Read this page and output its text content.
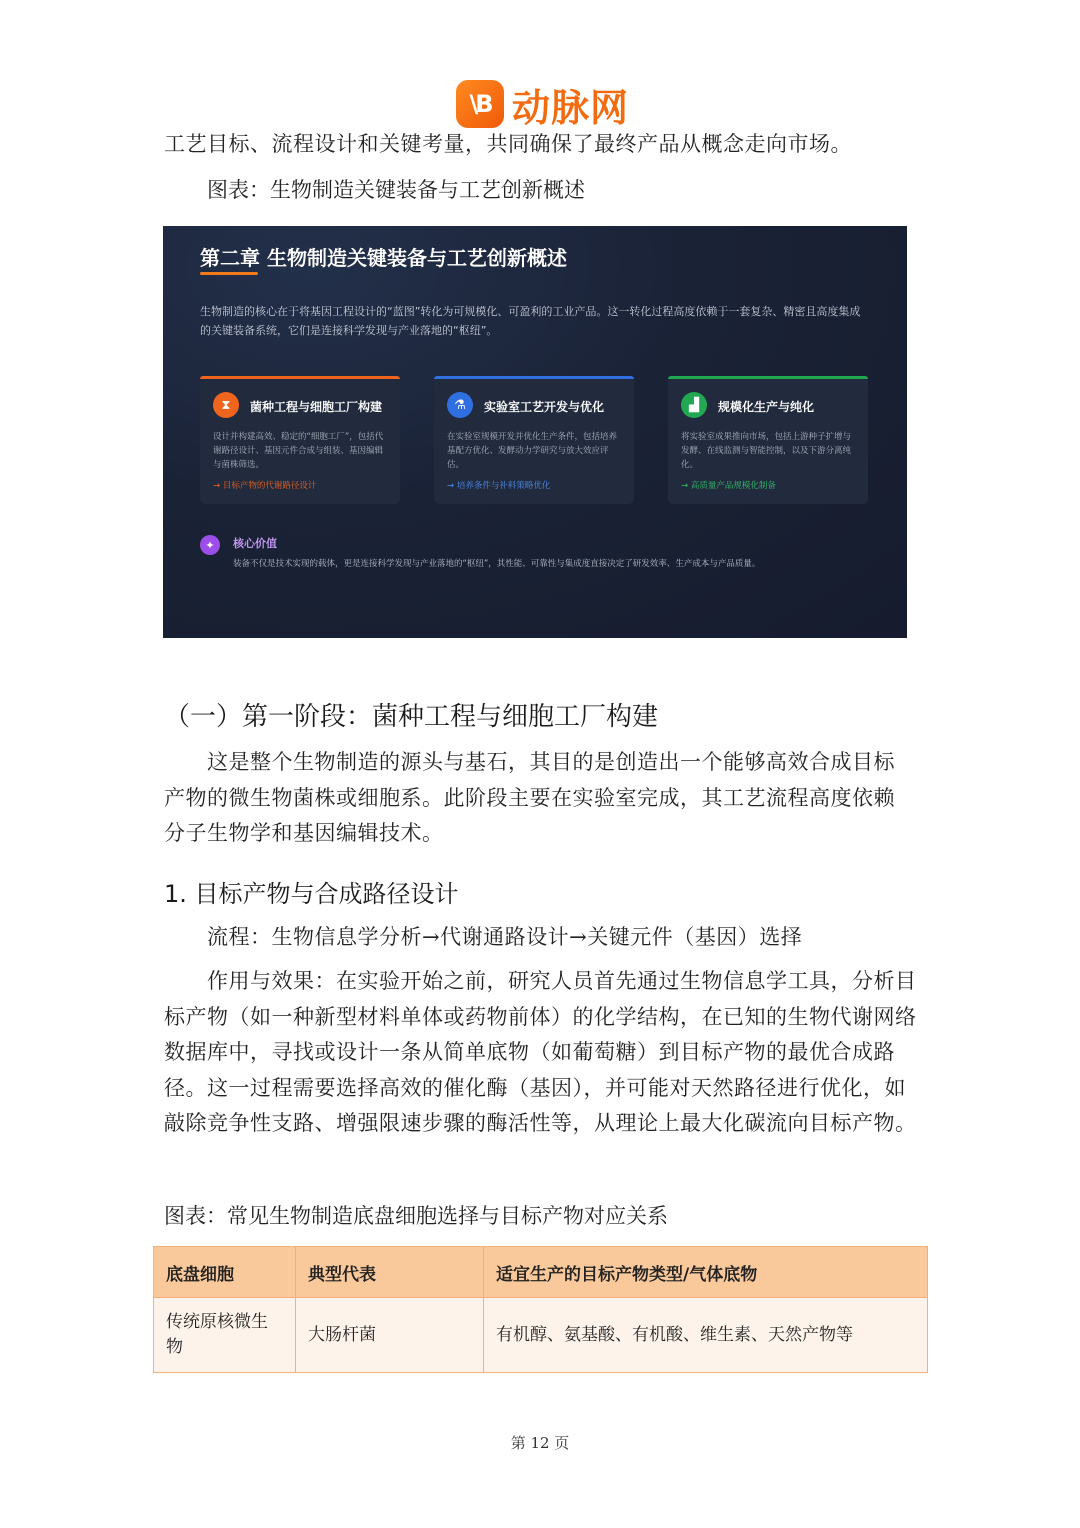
\B 动脉网
工艺目标、流程设计和关键考量，共同确保了最终产品从概念走向市场。
图表：生物制造关键装备与工艺创新概述
第二章 生物制造关键装备与工艺创新概述
生物制造的核心在于将基因工程设计的“蓝图”转化为可规模化、可盈利的工业产品。这一转化过程高度依赖于一套复杂、精密且高度集成的关键装备系统，它们是连接科学发现与产业落地的“枢纽”。
⧗	菌种工程与细胞工厂构建
设计并构建高效、稳定的“细胞工厂”，包括代谢路径设计、基因元件合成与组装、基因编辑与菌株筛选。
→ 目标产物的代谢路径设计
⚗	实验室工艺开发与优化
在实验室规模开发并优化生产条件，包括培养基配方优化、发酵动力学研究与放大效应评估。
→ 培养条件与补料策略优化
▟	规模化生产与纯化
将实验室成果推向市场，包括上游种子扩增与发酵、在线监测与智能控制，以及下游分离纯化。
→ 高质量产品规模化制备
✦	核心价值
装备不仅是技术实现的载体，更是连接科学发现与产业落地的“枢纽”，其性能、可靠性与集成度直接决定了研发效率、生产成本与产品质量。
（一）第一阶段：菌种工程与细胞工厂构建
这是整个生物制造的源头与基石，其目的是创造出一个能够高效合成目标产物的微生物菌株或细胞系。此阶段主要在实验室完成，其工艺流程高度依赖分子生物学和基因编辑技术。
1. 目标产物与合成路径设计
流程：生物信息学分析→代谢通路设计→关键元件（基因）选择
作用与效果：在实验开始之前，研究人员首先通过生物信息学工具，分析目标产物（如一种新型材料单体或药物前体）的化学结构，在已知的生物代谢网络数据库中，寻找或设计一条从简单底物（如葡萄糖）到目标产物的最优合成路径。这一过程需要选择高效的催化酶（基因），并可能对天然路径进行优化，如敲除竞争性支路、增强限速步骤的酶活性等，从理论上最大化碳流向目标产物。
图表：常见生物制造底盘细胞选择与目标产物对应关系
底盘细胞	典型代表	适宜生产的目标产物类型/气体底物
传统原核微生物	大肠杆菌	有机醇、氨基酸、有机酸、维生素、天然产物等
第 12 页
